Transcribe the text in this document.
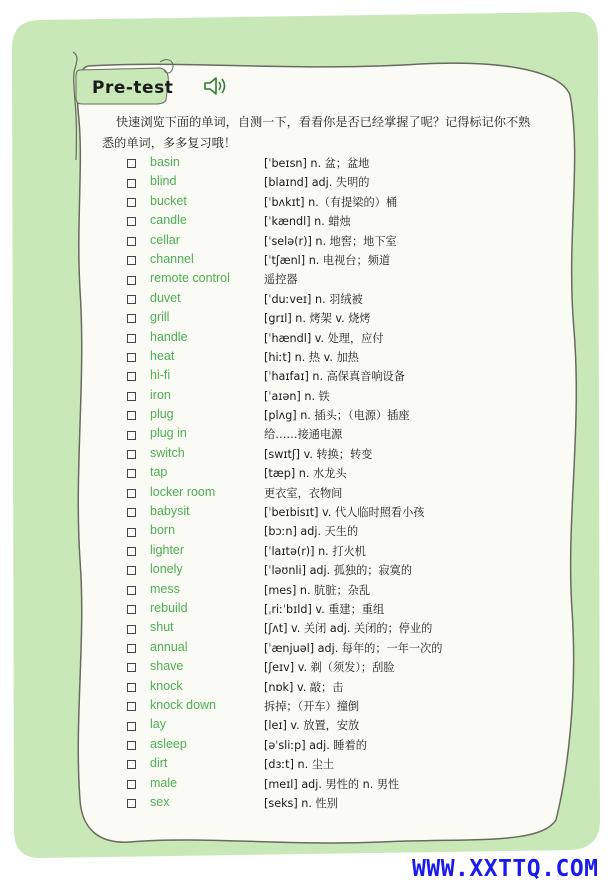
Pre-test
快速浏览下面的单词，自测一下，看看你是否已经掌握了呢？记得标记你不熟悉的单词，多多复习哦！
basin	[ˈbeɪsn] n. 盆；盆地
blind	[blaɪnd] adj. 失明的
bucket	[ˈbʌkɪt] n.（有提梁的）桶
candle	[ˈkændl] n. 蜡烛
cellar	[ˈselə(r)] n. 地窖；地下室
channel	[ˈtʃænl] n. 电视台；频道
remote control	遥控器
duvet	[ˈduːveɪ] n. 羽绒被
grill	[grɪl] n. 烤架 v. 烧烤
handle	[ˈhændl] v. 处理，应付
heat	[hiːt] n. 热 v. 加热
hi-fi	[ˈhaɪfaɪ] n. 高保真音响设备
iron	[ˈaɪən] n. 铁
plug	[plʌg] n. 插头；（电源）插座
plug in	给……接通电源
switch	[swɪtʃ] v. 转换；转变
tap	[tæp] n. 水龙头
locker room	更衣室，衣物间
babysit	[ˈbeɪbisɪt] v. 代人临时照看小孩
born	[bɔːn] adj. 天生的
lighter	[ˈlaɪtə(r)] n. 打火机
lonely	[ˈləʊnli] adj. 孤独的；寂寞的
mess	[mes] n. 肮脏；杂乱
rebuild	[ˌriːˈbɪld] v. 重建；重组
shut	[ʃʌt] v. 关闭 adj. 关闭的；停业的
annual	[ˈænjuəl] adj. 每年的；一年一次的
shave	[ʃeɪv] v. 剃（须发）；刮脸
knock	[nɒk] v. 敲；击
knock down	拆掉；（开车）撞倒
lay	[leɪ] v. 放置，安放
asleep	[əˈsliːp] adj. 睡着的
dirt	[dɜːt] n. 尘土
male	[meɪl] adj. 男性的 n. 男性
sex	[seks] n. 性别
WWW.XXTTQ.COM
